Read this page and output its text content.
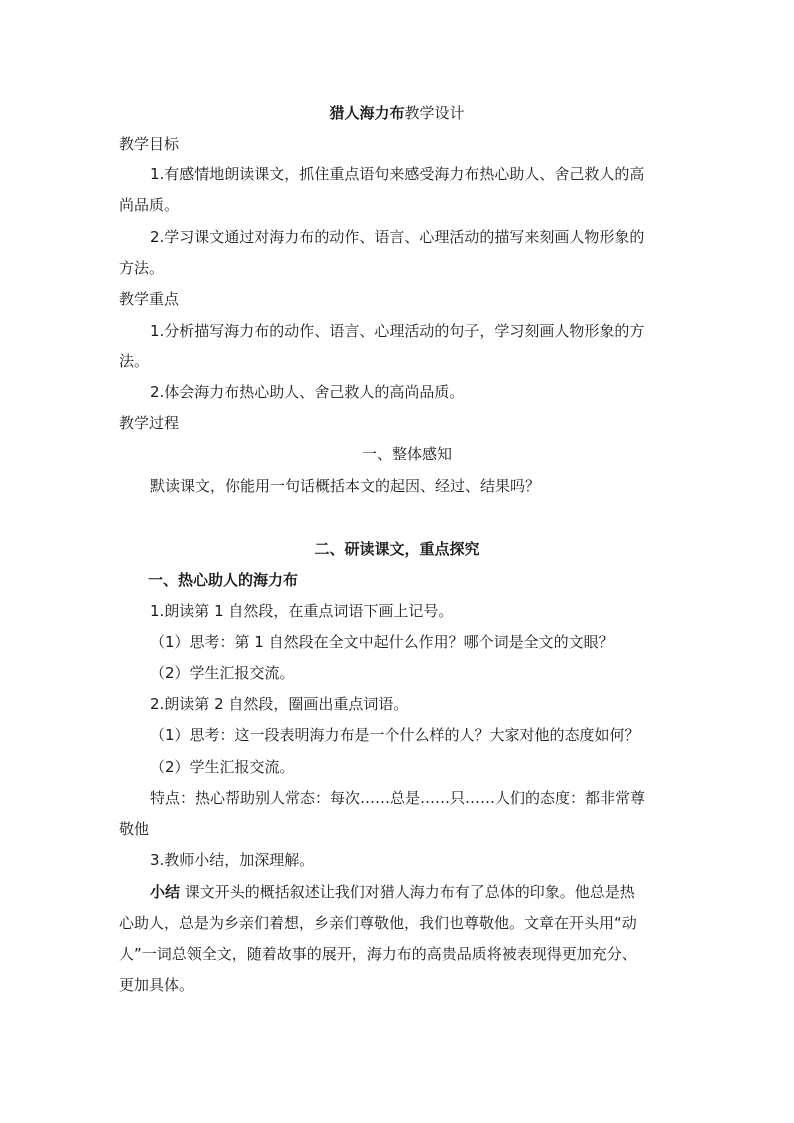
猎人海力布教学设计
教学目标
1.有感情地朗读课文，抓住重点语句来感受海力布热心助人、舍己救人的高
尚品质。
2.学习课文通过对海力布的动作、语言、心理活动的描写来刻画人物形象的
方法。
教学重点
1.分析描写海力布的动作、语言、心理活动的句子，学习刻画人物形象的方
法。
2.体会海力布热心助人、舍己救人的高尚品质。
教学过程
一、整体感知
默读课文，你能用一句话概括本文的起因、经过、结果吗？
二、研读课文，重点探究
一、热心助人的海力布
1.朗读第 1 自然段，在重点词语下画上记号。
（1）思考：第 1 自然段在全文中起什么作用？哪个词是全文的文眼？
（2）学生汇报交流。
2.朗读第 2 自然段，圈画出重点词语。
（1）思考：这一段表明海力布是一个什么样的人？大家对他的态度如何？
（2）学生汇报交流。
特点：热心帮助别人常态：每次……总是……只……人们的态度：都非常尊
敬他
3.教师小结，加深理解。
小结 课文开头的概括叙述让我们对猎人海力布有了总体的印象。他总是热
心助人，总是为乡亲们着想，乡亲们尊敬他，我们也尊敬他。文章在开头用“动
人”一词总领全文，随着故事的展开，海力布的高贵品质将被表现得更加充分、
更加具体。
